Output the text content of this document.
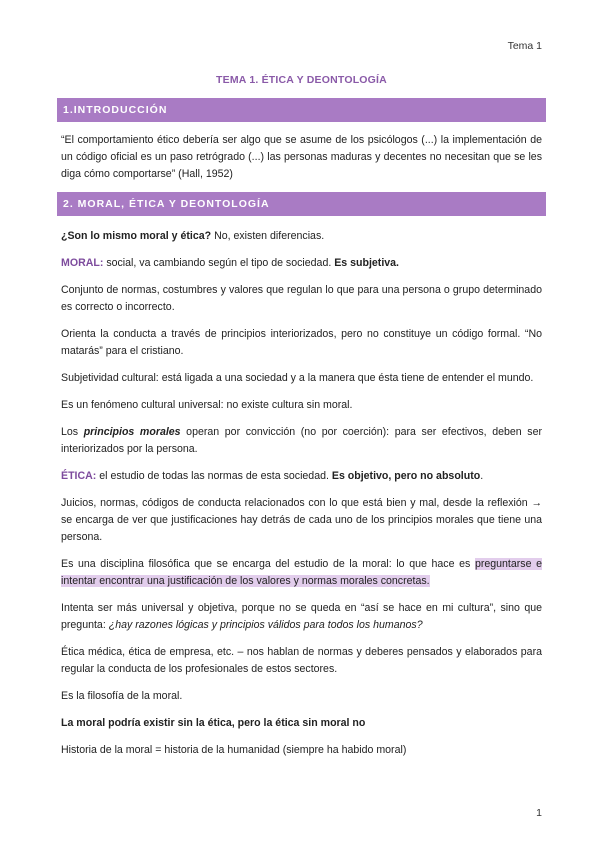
Tema 1
TEMA 1. ÉTICA Y DEONTOLOGÍA
1.INTRODUCCIÓN

“El comportamiento ético debería ser algo que se asume de los psicólogos (...) la implementación de un código oficial es un paso retrógrado (...) las personas maduras y decentes no necesitan que se les diga cómo comportarse” (Hall, 1952)

2. MORAL, ÉTICA Y DEONTOLOGÍA

¿Son lo mismo moral y ética? No, existen diferencias.

MORAL: social, va cambiando según el tipo de sociedad. Es subjetiva.

Conjunto de normas, costumbres y valores que regulan lo que para una persona o grupo determinado es correcto o incorrecto.

Orienta la conducta a través de principios interiorizados, pero no constituye un código formal. “No matarás” para el cristiano.

Subjetividad cultural: está ligada a una sociedad y a la manera que ésta tiene de entender el mundo.

Es un fenómeno cultural universal: no existe cultura sin moral.

Los principios morales operan por convicción (no por coerción): para ser efectivos, deben ser interiorizados por la persona.

ÉTICA: el estudio de todas las normas de esta sociedad. Es objetivo, pero no absoluto.

Juicios, normas, códigos de conducta relacionados con lo que está bien y mal, desde la reflexión → se encarga de ver que justificaciones hay detrás de cada uno de los principios morales que tiene una persona.

Es una disciplina filosófica que se encarga del estudio de la moral: lo que hace es preguntarse e intentar encontrar una justificación de los valores y normas morales concretas.

Intenta ser más universal y objetiva, porque no se queda en “así se hace en mi cultura”, sino que pregunta: ¿hay razones lógicas y principios válidos para todos los humanos?

Ética médica, ética de empresa, etc. – nos hablan de normas y deberes pensados y elaborados para regular la conducta de los profesionales de estos sectores.

Es la filosofía de la moral.

La moral podría existir sin la ética, pero la ética sin moral no

Historia de la moral = historia de la humanidad (siempre ha habido moral)

1
